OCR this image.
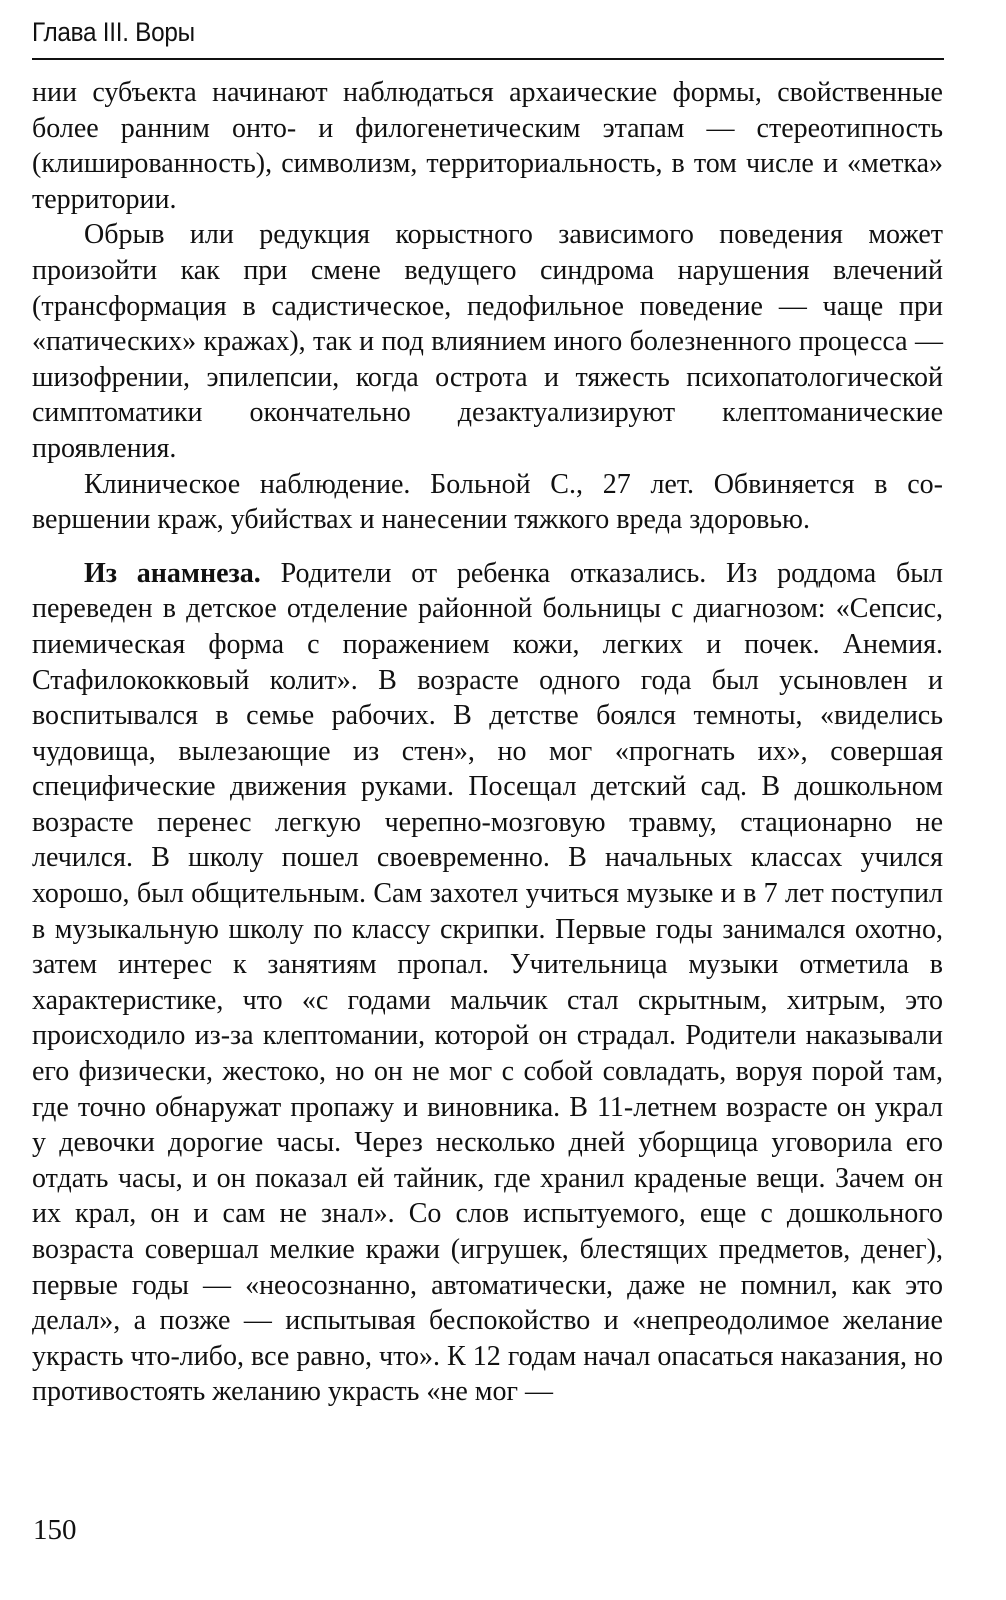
Глава III. Воры

нии субъекта начинают наблюдаться архаические формы, свойственные более ранним онто- и филогенетическим этапам — стереотипность (клишированность), символизм, территориальность, в том числе и «метка» территории.

Обрыв или редукция корыстного зависимого поведения может произойти как при смене ведущего синдрома нарушения влечений (трансформация в садистическое, педофильное поведение — чаще при «патических» кражах), так и под влиянием иного болезненного процесса — шизофрении, эпилепсии, когда острота и тяжесть психопатологической симптоматики окончательно дезактуализируют клептоманические проявления.

Клиническое наблюдение. Больной С., 27 лет. Обвиняется в совершении краж, убийствах и нанесении тяжкого вреда здоровью.

Из анамнеза. Родители от ребенка отказались. Из роддома был переведен в детское отделение районной больницы с диагнозом: «Сепсис, пиемическая форма с поражением кожи, легких и почек. Анемия. Стафилококковый колит». В возрасте одного года был усыновлен и воспитывался в семье рабочих. В детстве боялся темноты, «виделись чудовища, вылезающие из стен», но мог «прогнать их», совершая специфические движения руками. Посещал детский сад. В дошкольном возрасте перенес легкую черепно-мозговую травму, стационарно не лечился. В школу пошел своевременно. В начальных классах учился хорошо, был общительным. Сам захотел учиться музыке и в 7 лет поступил в музыкальную школу по классу скрипки. Первые годы занимался охотно, затем интерес к занятиям пропал. Учительница музыки отметила в характеристике, что «с годами мальчик стал скрытным, хитрым, это происходило из-за клептомании, которой он страдал. Родители наказывали его физически, жестоко, но он не мог с собой совладать, воруя порой там, где точно обнаружат пропажу и виновника. В 11-летнем возрасте он украл у девочки дорогие часы. Через несколько дней уборщица уговорила его отдать часы, и он показал ей тайник, где хранил краденые вещи. Зачем он их крал, он и сам не знал». Со слов испытуемого, еще с дошкольного возраста совершал мелкие кражи (игрушек, блестящих предметов, денег), первые годы — «неосознанно, автоматически, даже не помнил, как это делал», а позже — испытывая беспокойство и «непреодолимое желание украсть что-либо, все равно, что». К 12 годам начал опасаться наказания, но противостоять желанию украсть «не мог —

150
